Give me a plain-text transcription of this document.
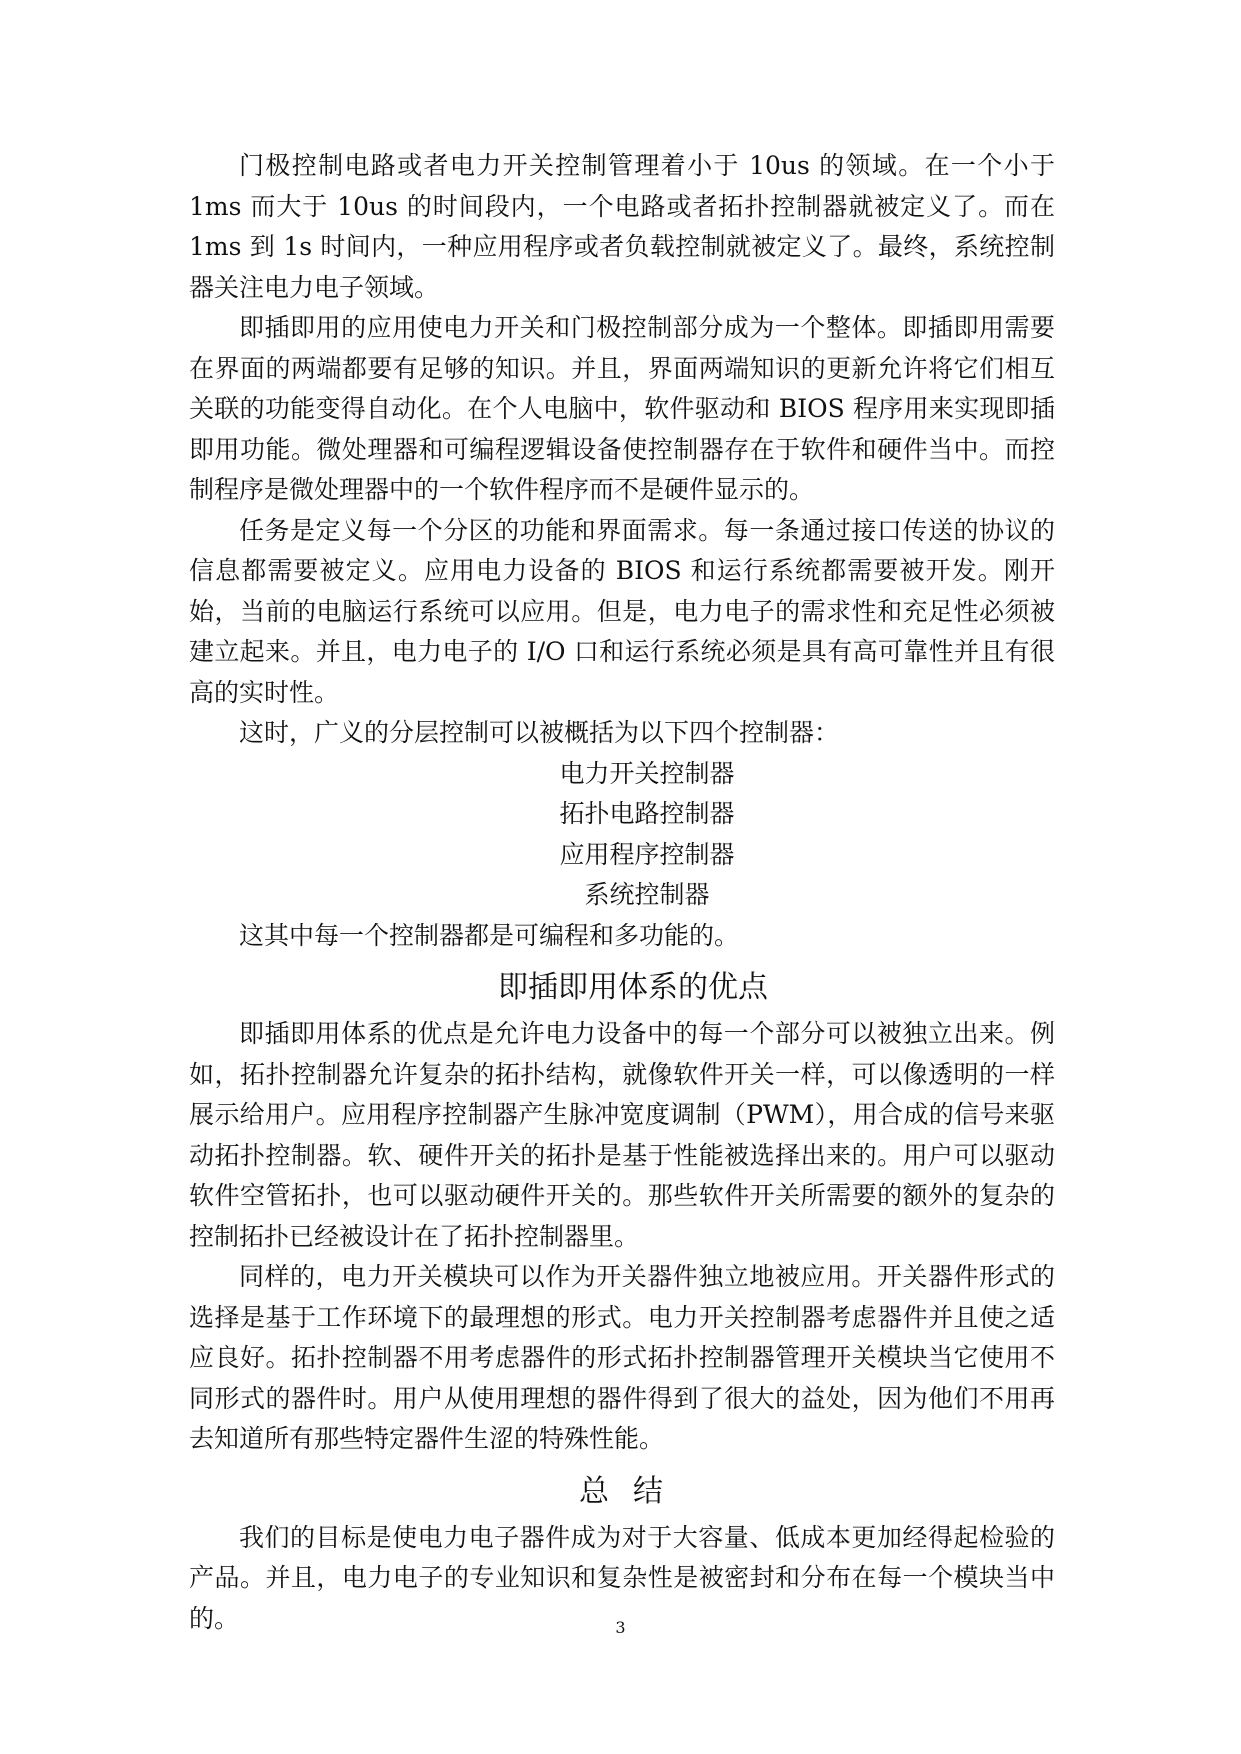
门极控制电路或者电力开关控制管理着小于 10us 的领域。在一个小于 1ms 而大于 10us 的时间段内，一个电路或者拓扑控制器就被定义了。而在 1ms 到 1s 时间内，一种应用程序或者负载控制就被定义了。最终，系统控制器关注电力电子领域。

即插即用的应用使电力开关和门极控制部分成为一个整体。即插即用需要在界面的两端都要有足够的知识。并且，界面两端知识的更新允许将它们相互关联的功能变得自动化。在个人电脑中，软件驱动和 BIOS 程序用来实现即插即用功能。微处理器和可编程逻辑设备使控制器存在于软件和硬件当中。而控制程序是微处理器中的一个软件程序而不是硬件显示的。

任务是定义每一个分区的功能和界面需求。每一条通过接口传送的协议的信息都需要被定义。应用电力设备的 BIOS 和运行系统都需要被开发。刚开始，当前的电脑运行系统可以应用。但是，电力电子的需求性和充足性必须被建立起来。并且，电力电子的 I/O 口和运行系统必须是具有高可靠性并且有很高的实时性。

这时，广义的分层控制可以被概括为以下四个控制器：

电力开关控制器
拓扑电路控制器
应用程序控制器
系统控制器

这其中每一个控制器都是可编程和多功能的。

即插即用体系的优点

即插即用体系的优点是允许电力设备中的每一个部分可以被独立出来。例如，拓扑控制器允许复杂的拓扑结构，就像软件开关一样，可以像透明的一样展示给用户。应用程序控制器产生脉冲宽度调制（PWM），用合成的信号来驱动拓扑控制器。软、硬件开关的拓扑是基于性能被选择出来的。用户可以驱动软件空管拓扑，也可以驱动硬件开关的。那些软件开关所需要的额外的复杂的控制拓扑已经被设计在了拓扑控制器里。

同样的，电力开关模块可以作为开关器件独立地被应用。开关器件形式的选择是基于工作环境下的最理想的形式。电力开关控制器考虑器件并且使之适应良好。拓扑控制器不用考虑器件的形式拓扑控制器管理开关模块当它使用不同形式的器件时。用户从使用理想的器件得到了很大的益处，因为他们不用再去知道所有那些特定器件生涩的特殊性能。

总结

我们的目标是使电力电子器件成为对于大容量、低成本更加经得起检验的产品。并且，电力电子的专业知识和复杂性是被密封和分布在每一个模块当中的。	3
